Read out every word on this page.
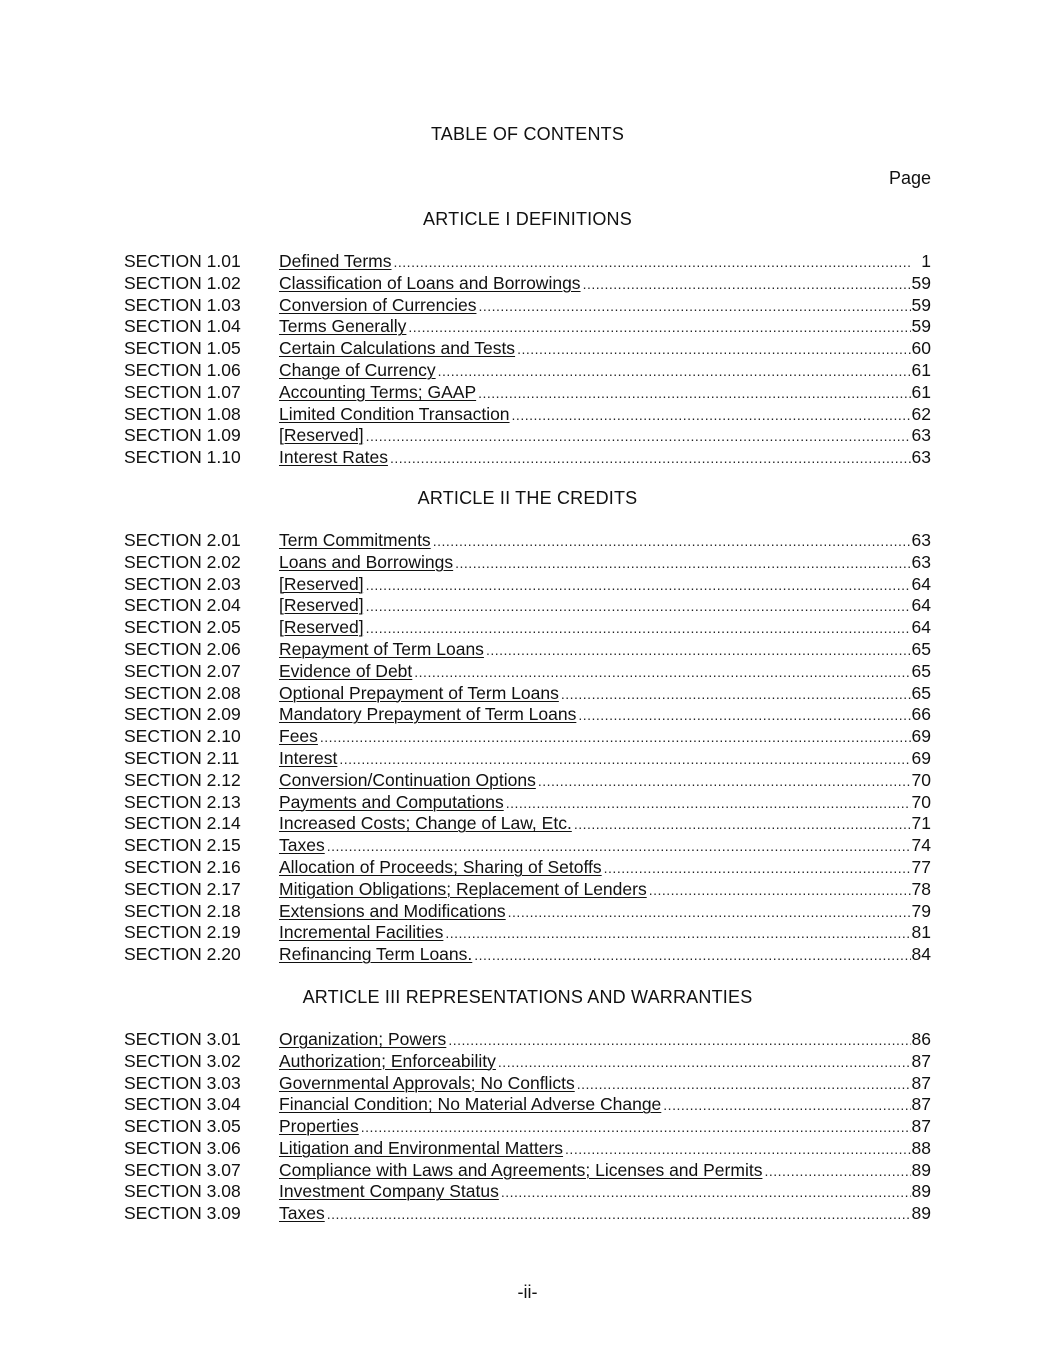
TABLE OF CONTENTS
Page
ARTICLE I DEFINITIONS
SECTION 1.01	Defined Terms .....	1
SECTION 1.02	Classification of Loans and Borrowings .....	59
SECTION 1.03	Conversion of Currencies .....	59
SECTION 1.04	Terms Generally .....	59
SECTION 1.05	Certain Calculations and Tests .....	60
SECTION 1.06	Change of Currency .....	61
SECTION 1.07	Accounting Terms; GAAP .....	61
SECTION 1.08	Limited Condition Transaction .....	62
SECTION 1.09	[Reserved] .....	63
SECTION 1.10	Interest Rates .....	63
ARTICLE II THE CREDITS
SECTION 2.01	Term Commitments .....	63
SECTION 2.02	Loans and Borrowings .....	63
SECTION 2.03	[Reserved] .....	64
SECTION 2.04	[Reserved] .....	64
SECTION 2.05	[Reserved] .....	64
SECTION 2.06	Repayment of Term Loans .....	65
SECTION 2.07	Evidence of Debt .....	65
SECTION 2.08	Optional Prepayment of Term Loans .....	65
SECTION 2.09	Mandatory Prepayment of Term Loans .....	66
SECTION 2.10	Fees .....	69
SECTION 2.11	Interest .....	69
SECTION 2.12	Conversion/Continuation Options .....	70
SECTION 2.13	Payments and Computations .....	70
SECTION 2.14	Increased Costs; Change of Law, Etc. .....	71
SECTION 2.15	Taxes .....	74
SECTION 2.16	Allocation of Proceeds; Sharing of Setoffs .....	77
SECTION 2.17	Mitigation Obligations; Replacement of Lenders .....	78
SECTION 2.18	Extensions and Modifications .....	79
SECTION 2.19	Incremental Facilities .....	81
SECTION 2.20	Refinancing Term Loans. .....	84
ARTICLE III REPRESENTATIONS AND WARRANTIES
SECTION 3.01	Organization; Powers .....	86
SECTION 3.02	Authorization; Enforceability .....	87
SECTION 3.03	Governmental Approvals; No Conflicts .....	87
SECTION 3.04	Financial Condition; No Material Adverse Change .....	87
SECTION 3.05	Properties .....	87
SECTION 3.06	Litigation and Environmental Matters .....	88
SECTION 3.07	Compliance with Laws and Agreements; Licenses and Permits .....	89
SECTION 3.08	Investment Company Status .....	89
SECTION 3.09	Taxes .....	89
-ii-
